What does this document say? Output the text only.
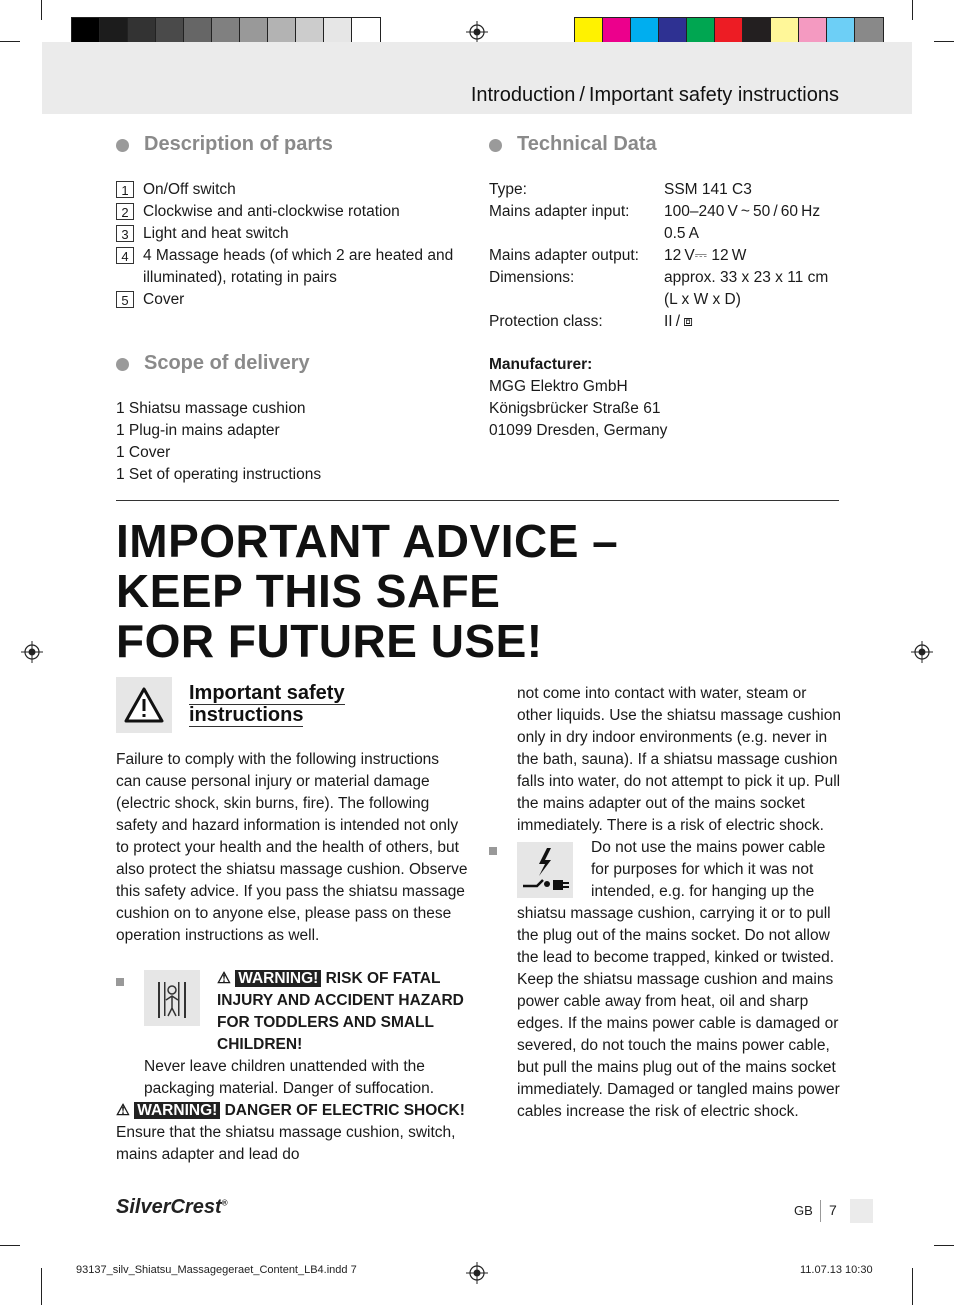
Introduction / Important safety instructions
Description of parts
1 On/Off switch
2 Clockwise and anti-clockwise rotation
3 Light and heat switch
4 4 Massage heads (of which 2 are heated and illuminated), rotating in pairs
5 Cover
Scope of delivery
1 Shiatsu massage cushion
1 Plug-in mains adapter
1 Cover
1 Set of operating instructions
Technical Data
Type:	SSM 141 C3
Mains adapter input:	100–240 V ~ 50 / 60 Hz
0.5 A
Mains adapter output:	12 V⎓ 12 W
Dimensions:	approx. 33 x 23 x 11 cm
(L x W x D)
Protection class:	II / ⧈
Manufacturer:
MGG Elektro GmbH
Königsbrücker Straße 61
01099 Dresden, Germany
IMPORTANT ADVICE –
KEEP THIS SAFE
FOR FUTURE USE!
Important safety
instructions
Failure to comply with the following instructions can cause personal injury or material damage (electric shock, skin burns, fire). The following safety and hazard information is intended not only to protect your health and the health of others, but also protect the shiatsu massage cushion. Observe this safety advice. If you pass the shiatsu massage cushion on to anyone else, please pass on these operation instructions as well.
⚠ WARNING! RISK OF FATAL INJURY AND ACCIDENT HAZARD FOR TODDLERS AND SMALL CHILDREN!
Never leave children unattended with the packaging material. Danger of suffocation.
⚠ WARNING! DANGER OF ELECTRIC SHOCK! Ensure that the shiatsu massage cushion, switch, mains adapter and lead do
not come into contact with water, steam or other liquids. Use the shiatsu massage cushion only in dry indoor environments (e.g. never in the bath, sauna). If a shiatsu massage cushion falls into water, do not attempt to pick it up. Pull the mains adapter out of the mains socket immediately. There is a risk of electric shock.
Do not use the mains power cable for purposes for which it was not intended, e.g. for hanging up the shiatsu massage cushion, carrying it or to pull the plug out of the mains socket. Do not allow the lead to become trapped, kinked or twisted. Keep the shiatsu massage cushion and mains power cable away from heat, oil and sharp edges. If the mains power cable is damaged or severed, do not touch the mains power cable, but pull the mains plug out of the mains socket immediately. Damaged or tangled mains power cables increase the risk of electric shock.
SilverCrest®
GB 7
93137_silv_Shiatsu_Massagegeraet_Content_LB4.indd 7	11.07.13 10:30
